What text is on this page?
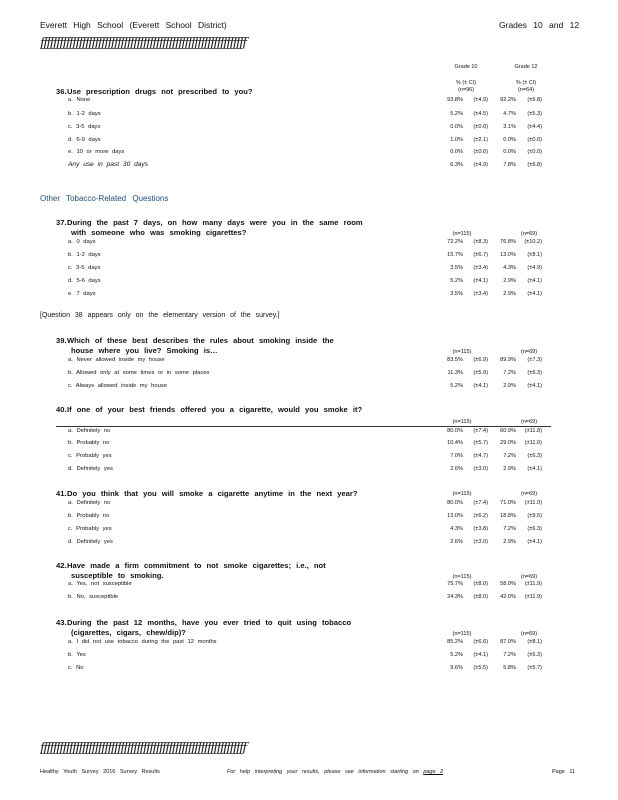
Everett High School (Everett School District)	Grades 10 and 12
ƒƒƒƒƒƒƒƒƒƒƒƒƒƒƒƒƒƒƒƒƒƒƒƒƒƒƒƒƒƒƒƒƒƒƒƒƒƒƒƒƒƒƒƒƒƒƒƒƒƒƒƒƒƒƒƒƒƒƒƒƒƒƒƒ
Grade 10	Grade 12
% (± CI)
(n=96)
% (± CI)
(n=64)
36.Use prescription drugs not prescribed to you?
a. None	93.8%	(±4.9)	92.2%	(±6.8)
b. 1-2 days	5.2%	(±4.5)	4.7%	(±5.3)
c. 3-5 days	0.0%	(±0.0)	3.1%	(±4.4)
d. 6-9 days	1.0%	(±2.1)	0.0%	(±0.0)
e. 10 or more days	0.0%	(±0.0)	0.0%	(±0.0)
Any use in past 30 days	6.3%	(±4.9)	7.8%	(±6.8)
Other Tobacco-Related Questions
37.During the past 7 days, on how many days were you in the same room
with someone who was smoking cigarettes?	(n=115)	(n=69)
a. 0 days	72.2%	(±8.3)	76.8%	(±10.2)
b. 1-2 days	15.7%	(±6.7)	13.0%	(±8.1)
c. 3-5 days	3.5%	(±3.4)	4.3%	(±4.9)
d. 5-6 days	5.2%	(±4.1)	2.9%	(±4.1)
e. 7 days	3.5%	(±3.4)	2.9%	(±4.1)
[Question 38 appears only on the elementary version of the survey.]
39.Which of these best describes the rules about smoking inside the
house where you live? Smoking is…	(n=115)	(n=69)
a. Never allowed inside my house	83.5%	(±6.9)	89.9%	(±7.3)
b. Allowed only at some times or in some places	11.3%	(±5.9)	7.2%	(±6.3)
c. Always allowed inside my house	5.2%	(±4.1)	2.9%	(±4.1)
40.If one of your best friends offered you a cigarette, would you smoke it?
(n=115)	(n=69)
a. Definitely no	80.0%	(±7.4)	60.9%	(±11.8)
b. Probably no	10.4%	(±5.7)	29.0%	(±11.0)
c. Probably yes	7.0%	(±4.7)	7.2%	(±6.3)
d. Definitely yes	2.6%	(±3.0)	2.9%	(±4.1)
41.Do you think that you will smoke a cigarette anytime in the next year?	(n=115)	(n=69)
a. Definitely no	80.0%	(±7.4)	71.0%	(±11.0)
b. Probably no	13.0%	(±6.2)	18.8%	(±9.5)
c. Probably yes	4.3%	(±3.8)	7.2%	(±6.3)
d. Definitely yes	2.6%	(±3.0)	2.9%	(±4.1)
42.Have made a firm commitment to not smoke cigarettes; i.e., not
susceptible to smoking.	(n=115)	(n=69)
a. Yes, not susceptible	75.7%	(±8.0)	58.0%	(±11.9)
b. No, susceptible	24.3%	(±8.0)	42.0%	(±11.9)
43.During the past 12 months, have you ever tried to quit using tobacco
(cigarettes, cigars, chew/dip)?	(n=115)	(n=69)
a. I did not use tobacco during the past 12 months	85.2%	(±6.6)	87.0%	(±8.1)
b. Yes	5.2%	(±4.1)	7.2%	(±6.3)
c. No	9.6%	(±5.5)	5.8%	(±5.7)
ƒƒƒƒƒƒƒƒƒƒƒƒƒƒƒƒƒƒƒƒƒƒƒƒƒƒƒƒƒƒƒƒƒƒƒƒƒƒƒƒƒƒƒƒƒƒƒƒƒƒƒƒƒƒƒƒƒƒƒƒƒƒƒƒ
Healthy Youth Survey 2016 Survey Results	For help interpreting your results, please see information starting on page 2	Page 11
